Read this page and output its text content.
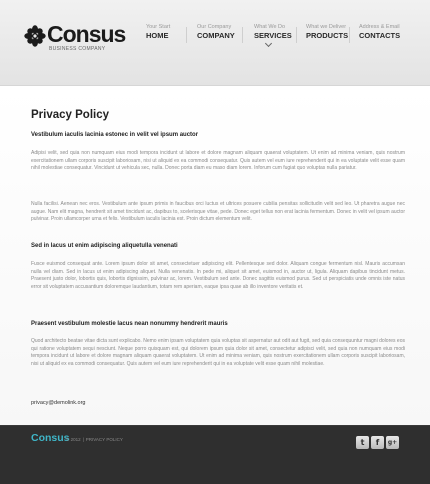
Consus
BUSINESS COMPANY
Your Start
HOME
Our Company
COMPANY
What We Do
SERVICES
What we Deliver
PRODUCTS
Address & Email
CONTACTS
Privacy Policy
Vestibulum iaculis lacinia estonec in velit vel ipsum auctor
Adipisi velit, sed quia non numquam eius modi tempora incidunt ut labore et dolore magnam aliquam quaerat voluptatem. Ut enim ad minima veniam, quis nostrum exercitationem ullam corporis suscipit laboriosam, nisi ut aliquid ex ea commodi consequatur. Quis autem vel eum iure reprehenderit qui in ea voluptate velit esse quam nihil molestiae consequatur. Vincidunt ut vehicula sec, nulla. Donec porta diam eu maso diam lorem. Inforum cum fugiat quo voluptas nulla pariatur.
Nulla facilisi. Aenean nec eros. Vestibulum ante ipsum primis in faucibus orci luctus et ultrices posuere cubilia pensitas sollicitudin velit sed leo. Ut pharetra augue nec augue. Nam elit magna, hendrerit sit amet tincidunt ac, dapibus to, scelerisque vitae, pede. Donec eget tellus non erat lacinia fermentum. Donec in velit vel ipsum auctor pulvinar. Proin ullamcorper urna et felis. Vestibulum iaculis lacinia est. Proin dictum elementum velit.
Sed in lacus ut enim adipiscing aliquetulla venenati
Fusce euismod consequat ante. Lorem ipsum dolor sit amet, consectetuer adipiscing elit. Pellentesque sed dolor. Aliquam congue fermentum nisl. Mauris accumsan nulla vel diam. Sed in lacus ut enim adipiscing aliquet. Nulla venenatis. In pede mi, aliquet sit amet, euismod in, auctor ut, ligula. Aliquam dapibus tincidunt metus. Praesent justo dolor, lobortis quis, lobortis dignissim, pulvinar ac, lorem. Vestibulum sed ante. Donec sagittis euismod purus. Sed ut perspiciatis unde omnis iste natus error sit voluptatem accusantium doloremque laudantium, totam rem aperiam, eaque ipsa quae ab illo inventore veritatis et.
Praesent vestibulum molestie lacus nean nonummy hendrerit mauris
Quod architecto beatae vitae dicta sunt explicabo. Nemo enim ipsam voluptatem quia voluptas sit aspernatur aut odit aut fugit, sed quia consequuntur magni dolores eos qui ratione voluptatem sequi nesciunt. Neque porro quisquam est, qui dolorem ipsum quia dolor sit amet, consectetur adipisci velit, sed quia non numquam eius modi tempora incidunt ut labore et dolore magnam aliquam quaerat voluptatem. Ut enim ad minima veniam, quis nostrum exercitationem ullam corporis suscipit laboriosam, nisi ut aliquid ex ea commodi consequatur. Quis autem vel eum iure reprehenderit qui in ea voluptate velit esse quam nihil molestiae.
privacy@demolink.org
Consus
© 2012 | PRIVACY POLICY	t	f	g+
